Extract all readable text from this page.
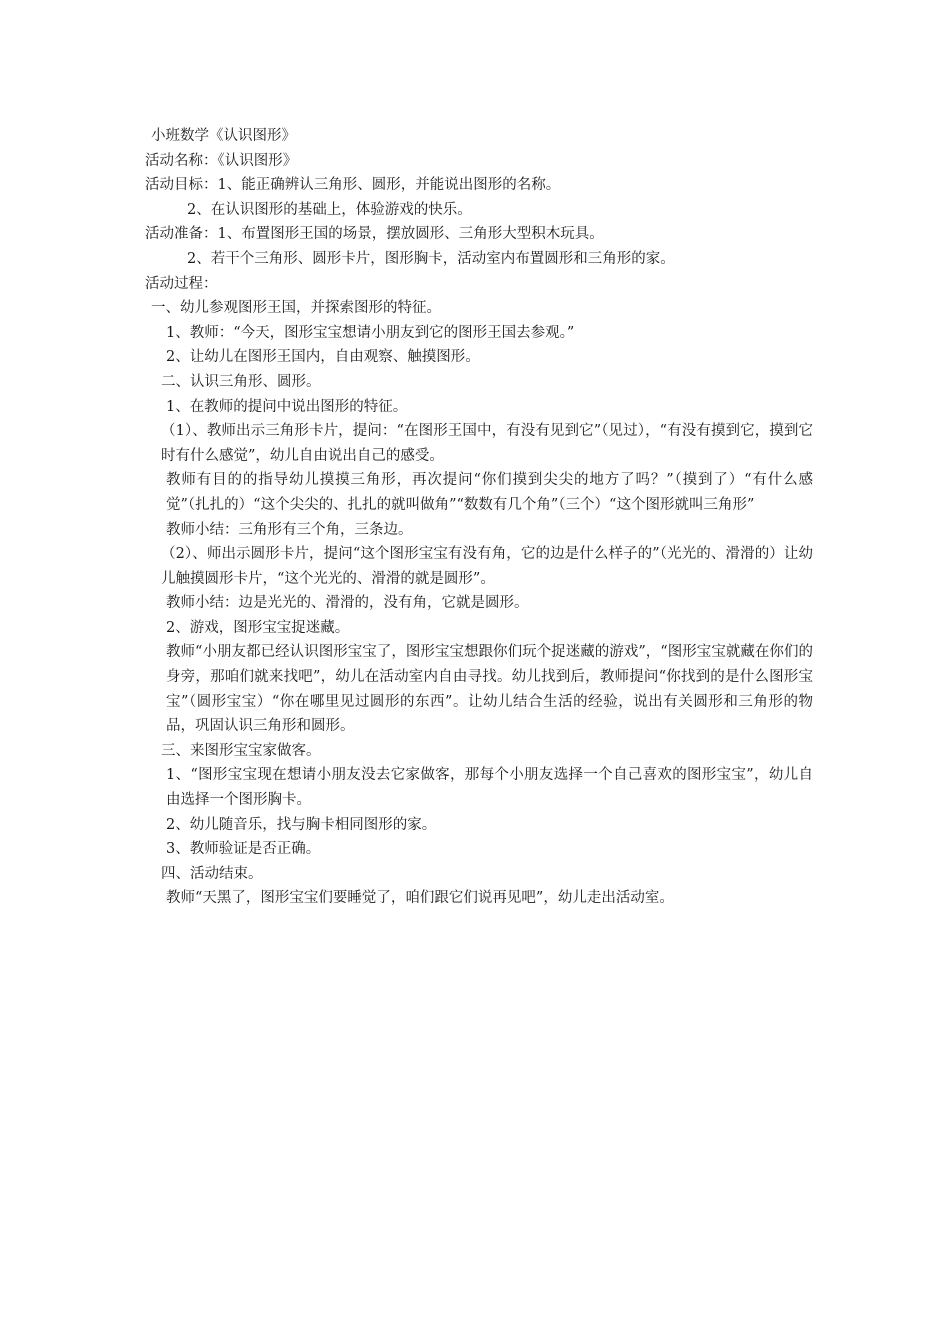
小班数学《认识图形》
活动名称：《认识图形》
活动目标：1、能正确辨认三角形、圆形，并能说出图形的名称。
2、在认识图形的基础上，体验游戏的快乐。
活动准备：1、布置图形王国的场景，摆放圆形、三角形大型积木玩具。
2、若干个三角形、圆形卡片，图形胸卡，活动室内布置圆形和三角形的家。
活动过程：
一、幼儿参观图形王国，并探索图形的特征。
1、教师：“今天，图形宝宝想请小朋友到它的图形王国去参观。”
2、让幼儿在图形王国内，自由观察、触摸图形。
二、认识三角形、圆形。
1、在教师的提问中说出图形的特征。
（1）、教师出示三角形卡片，提问：“在图形王国中，有没有见到它”（见过），“有没有摸到它，摸到它时有什么感觉”，幼儿自由说出自己的感受。
教师有目的的指导幼儿摸摸三角形，再次提问“你们摸到尖尖的地方了吗？”（摸到了）“有什么感觉”（扎扎的）“这个尖尖的、扎扎的就叫做角”“数数有几个角”（三个）“这个图形就叫三角形”
教师小结：三角形有三个角，三条边。
（2）、师出示圆形卡片，提问“这个图形宝宝有没有角，它的边是什么样子的”（光光的、滑滑的）让幼儿触摸圆形卡片，“这个光光的、滑滑的就是圆形”。
教师小结：边是光光的、滑滑的，没有角，它就是圆形。
2、游戏，图形宝宝捉迷藏。
教师“小朋友都已经认识图形宝宝了，图形宝宝想跟你们玩个捉迷藏的游戏”，“图形宝宝就藏在你们的身旁，那咱们就来找吧”，幼儿在活动室内自由寻找。幼儿找到后，教师提问“你找到的是什么图形宝宝”（圆形宝宝）“你在哪里见过圆形的东西”。让幼儿结合生活的经验，说出有关圆形和三角形的物品，巩固认识三角形和圆形。
三、来图形宝宝家做客。
1、“图形宝宝现在想请小朋友没去它家做客，那每个小朋友选择一个自己喜欢的图形宝宝”，幼儿自由选择一个图形胸卡。
2、幼儿随音乐，找与胸卡相同图形的家。
3、教师验证是否正确。
四、活动结束。
教师“天黑了，图形宝宝们要睡觉了，咱们跟它们说再见吧”，幼儿走出活动室。
